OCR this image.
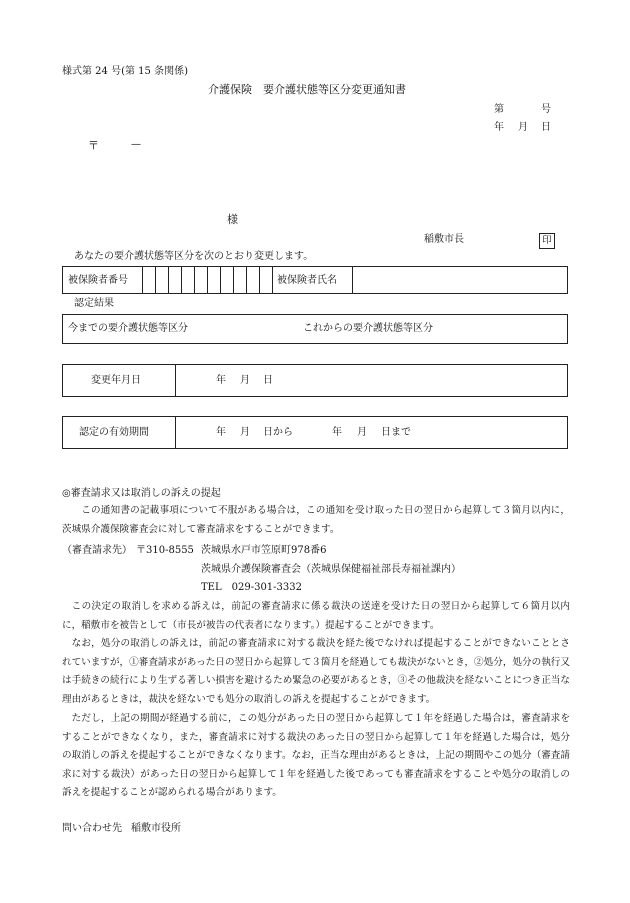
様式第 24 号(第 15 条関係)
介護保険　要介護状態等区分変更通知書
第	号
年 月 日
〒	—
様
稲敷市長	印
あなたの要介護状態等区分を次のとおり変更します。
被保険者番号	被保険者氏名
認定結果
今までの要介護状態等区分	これからの要介護状態等区分
変更年月日	年 月 日
認定の有効期間	年 月 日から	年 月 日まで
◎審査請求又は取消しの訴えの提起
この通知書の記載事項について不服がある場合は，この通知を受け取った日の翌日から起算して３箇月以内に，茨城県介護保険審査会に対して審査請求をすることができます。
（審査請求先） 〒310-8555 茨城県水戸市笠原町978番6
茨城県介護保険審査会（茨城県保健福祉部長寿福祉課内）
TEL　029-301-3332
この決定の取消しを求める訴えは，前記の審査請求に係る裁決の送達を受けた日の翌日から起算して６箇月以内に，稲敷市を被告として（市長が被告の代表者になります。）提起することができます。
なお，処分の取消しの訴えは，前記の審査請求に対する裁決を経た後でなければ提起することができないこととされていますが，①審査請求があった日の翌日から起算して３箇月を経過しても裁決がないとき，②処分，処分の執行又は手続きの続行により生ずる著しい損害を避けるため緊急の必要があるとき，③その他裁決を経ないことにつき正当な理由があるときは，裁決を経ないでも処分の取消しの訴えを提起することができます。
ただし，上記の期間が経過する前に，この処分があった日の翌日から起算して１年を経過した場合は，審査請求をすることができなくなり，また，審査請求に対する裁決のあった日の翌日から起算して１年を経過した場合は，処分の取消しの訴えを提起することができなくなります。なお，正当な理由があるときは，上記の期間やこの処分（審査請求に対する裁決）があった日の翌日から起算して１年を経過した後であっても審査請求をすることや処分の取消しの訴えを提起することが認められる場合があります。
問い合わせ先 稲敷市役所
